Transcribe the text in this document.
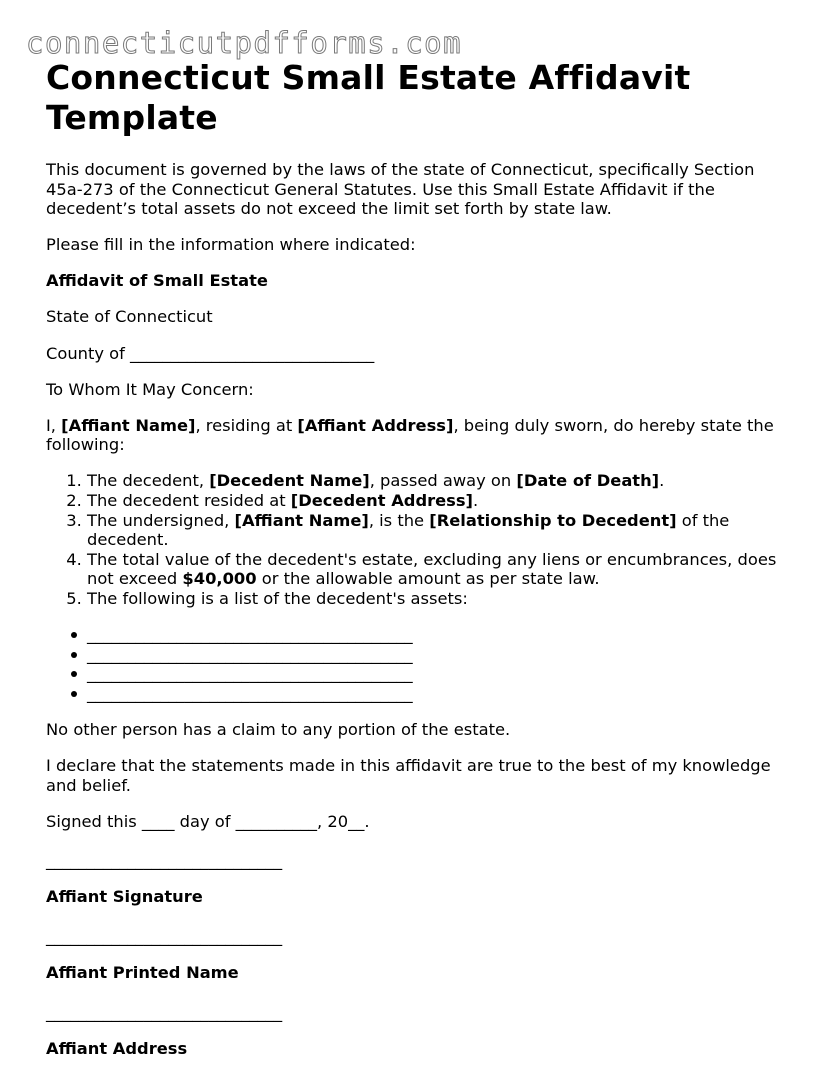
connecticutpdfforms.com
Connecticut Small Estate Affidavit Template

This document is governed by the laws of the state of Connecticut, specifically Section 45a-273 of the Connecticut General Statutes. Use this Small Estate Affidavit if the decedent’s total assets do not exceed the limit set forth by state law.

Please fill in the information where indicated:

Affidavit of Small Estate

State of Connecticut

County of ______________________________

To Whom It May Concern:

I, [Affiant Name], residing at [Affiant Address], being duly sworn, do hereby state the following:

1. The decedent, [Decedent Name], passed away on [Date of Death].
2. The decedent resided at [Decedent Address].
3. The undersigned, [Affiant Name], is the [Relationship to Decedent] of the decedent.
4. The total value of the decedent's estate, excluding any liens or encumbrances, does not exceed $40,000 or the allowable amount as per state law.
5. The following is a list of the decedent's assets:
________________________________________
________________________________________
________________________________________
________________________________________

No other person has a claim to any portion of the estate.

I declare that the statements made in this affidavit are true to the best of my knowledge and belief.

Signed this ____ day of __________, 20__.

_____________________________
Affiant Signature
_____________________________
Affiant Printed Name
_____________________________
Affiant Address
